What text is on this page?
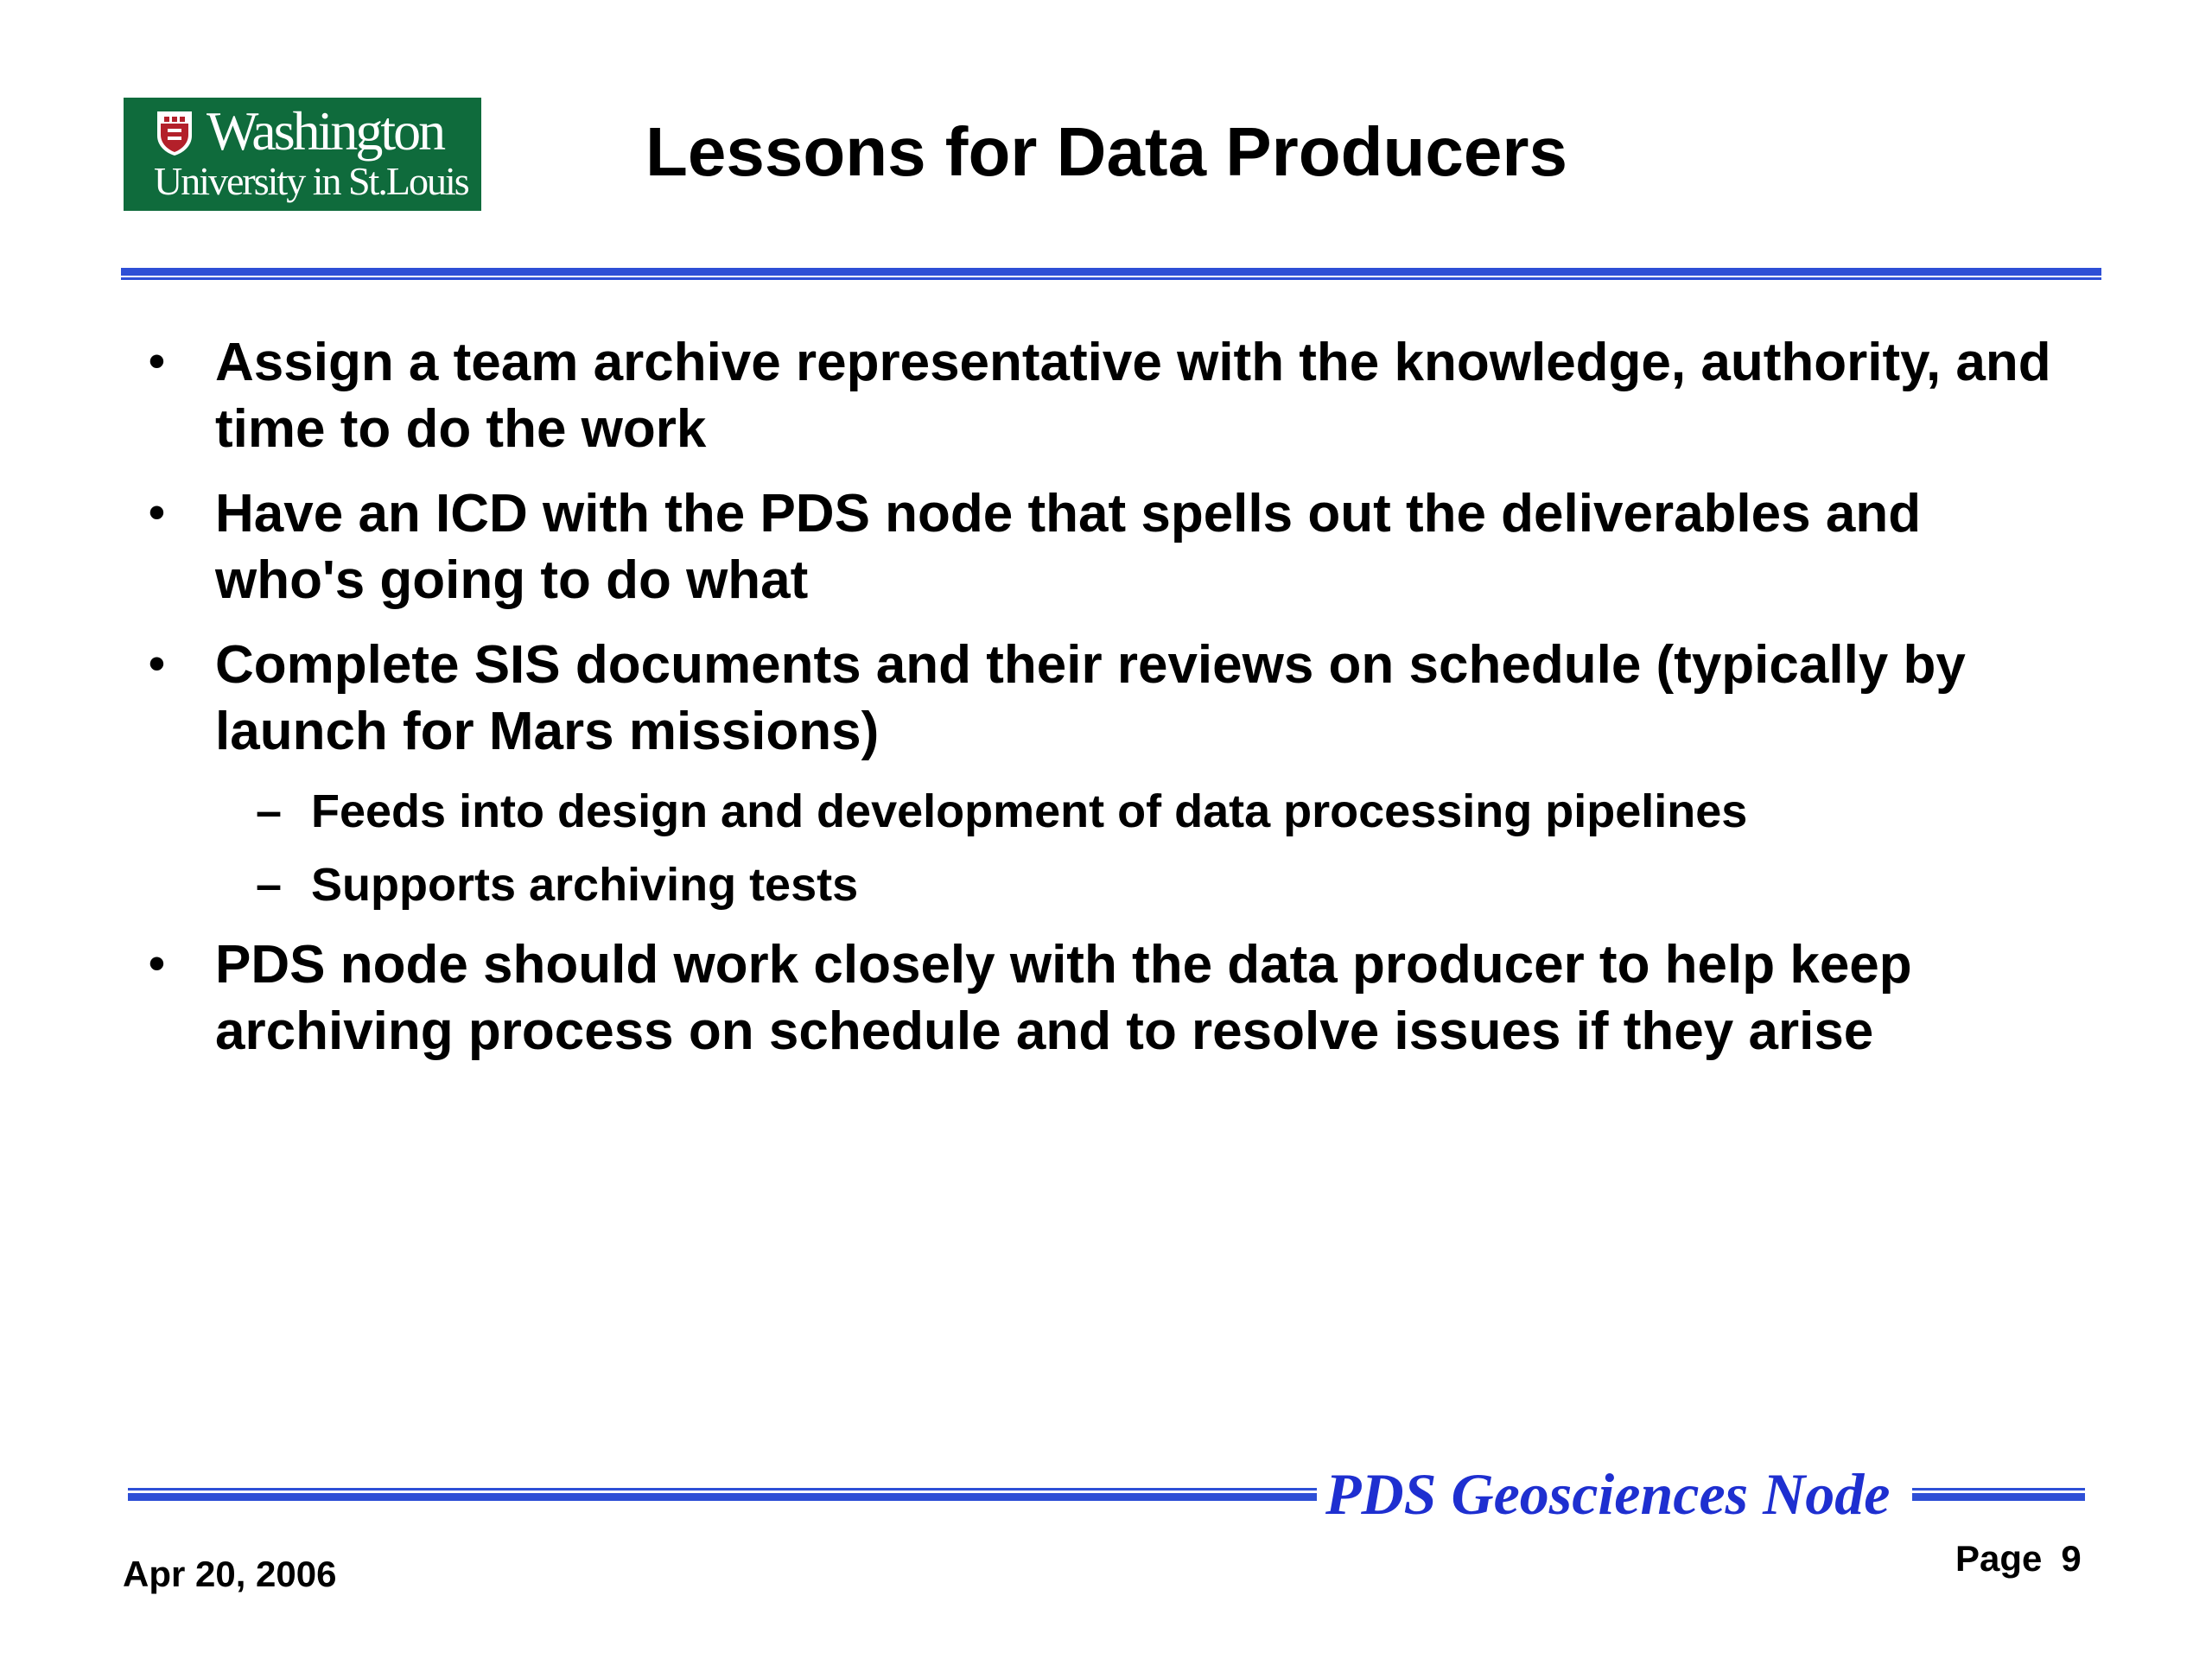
Washington
University in St.Louis	Lessons for Data Producers
• Assign a team archive representative with the knowledge, authority, and time to do the work
• Have an ICD with the PDS node that spells out the deliverables and who's going to do what
• Complete SIS documents and their reviews on schedule (typically by launch for Mars missions)
– Feeds into design and development of data processing pipelines
– Supports archiving tests
• PDS node should work closely with the data producer to help keep archiving process on schedule and to resolve issues if they arise
PDS Geosciences Node
Apr 20, 2006	Page 9
